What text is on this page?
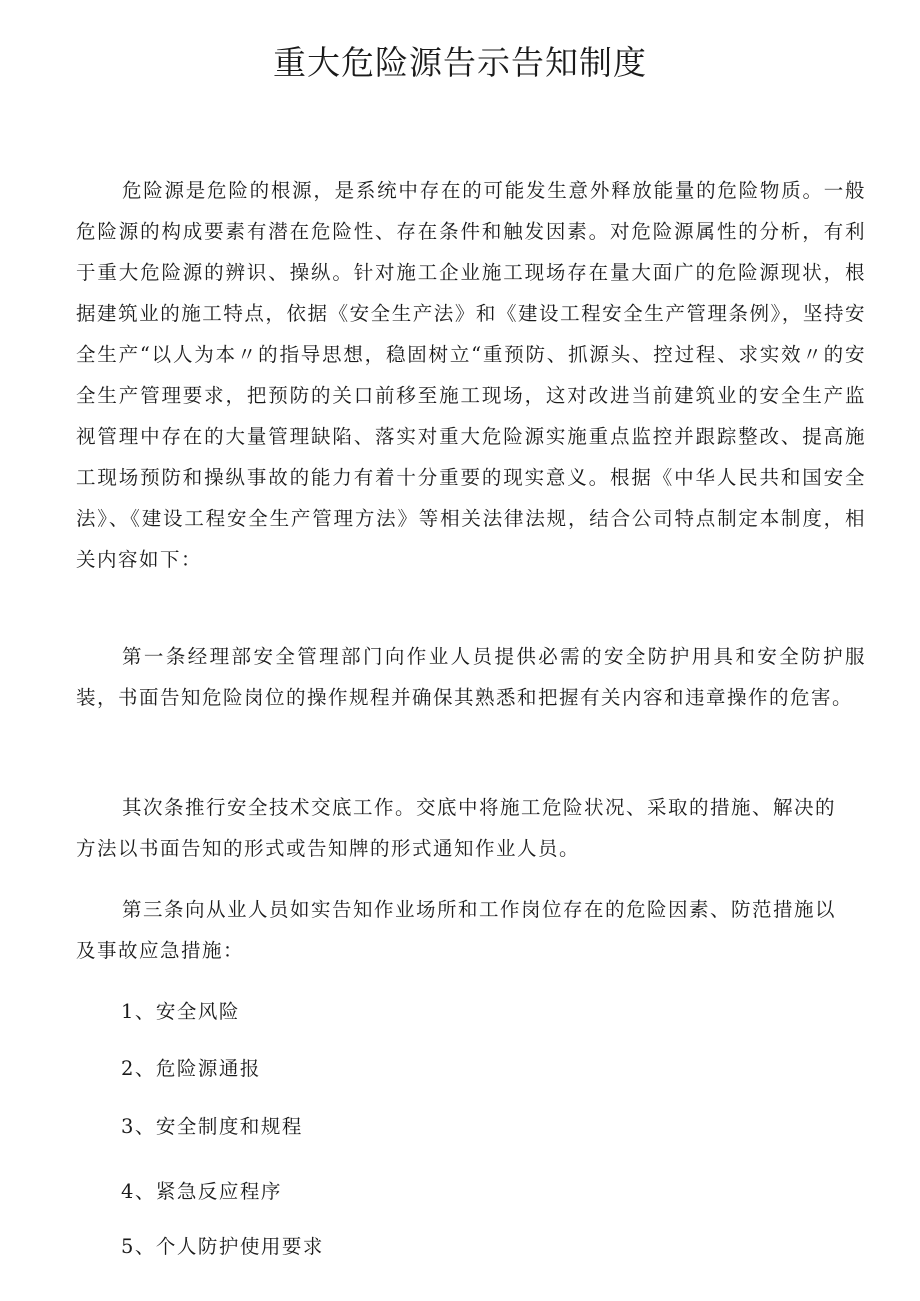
重大危险源告示告知制度

危险源是危险的根源，是系统中存在的可能发生意外释放能量的危险物质。一般危险源的构成要素有潜在危险性、存在条件和触发因素。对危险源属性的分析，有利于重大危险源的辨识、操纵。针对施工企业施工现场存在量大面广的危险源现状，根据建筑业的施工特点，依据《安全生产法》和《建设工程安全生产管理条例》，坚持安全生产“以人为本〃的指导思想，稳固树立“重预防、抓源头、控过程、求实效〃的安全生产管理要求，把预防的关口前移至施工现场，这对改进当前建筑业的安全生产监视管理中存在的大量管理缺陷、落实对重大危险源实施重点监控并跟踪整改、提高施工现场预防和操纵事故的能力有着十分重要的现实意义。根据《中华人民共和国安全法》、《建设工程安全生产管理方法》等相关法律法规，结合公司特点制定本制度，相关内容如下：

第一条经理部安全管理部门向作业人员提供必需的安全防护用具和安全防护服装，书面告知危险岗位的操作规程并确保其熟悉和把握有关内容和违章操作的危害。

其次条推行安全技术交底工作。交底中将施工危险状况、采取的措施、解决的方法以书面告知的形式或告知牌的形式通知作业人员。

第三条向从业人员如实告知作业场所和工作岗位存在的危险因素、防范措施以及事故应急措施：

1、安全风险
2、危险源通报
3、安全制度和规程
4、紧急反应程序
5、个人防护使用要求
